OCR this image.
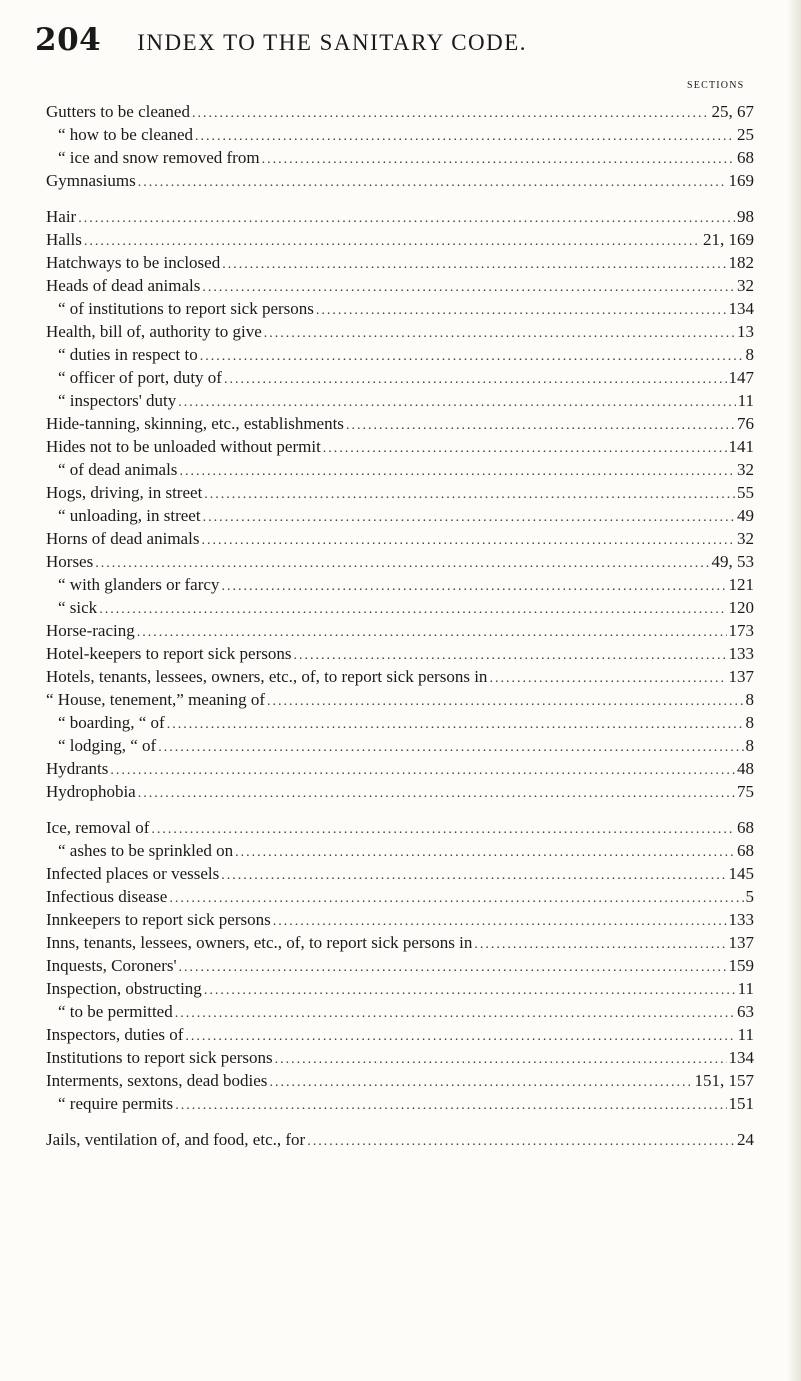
204 INDEX TO THE SANITARY CODE.
SECTIONS
Gutters to be cleaned .....	25, 67
“ how to be cleaned .....	25
“ ice and snow removed from .....	68
Gymnasiums .....	169
Hair .....	98
Halls .....	21, 169
Hatchways to be inclosed .....	182
Heads of dead animals .....	32
“ of institutions to report sick persons .....	134
Health, bill of, authority to give .....	13
“ duties in respect to .....	8
“ officer of port, duty of .....	147
“ inspectors' duty .....	11
Hide-tanning, skinning, etc., establishments .....	76
Hides not to be unloaded without permit .....	141
“ of dead animals .....	32
Hogs, driving, in street .....	55
“ unloading, in street .....	49
Horns of dead animals .....	32
Horses .....	49, 53
“ with glanders or farcy .....	121
“ sick .....	120
Horse-racing .....	173
Hotel-keepers to report sick persons .....	133
Hotels, tenants, lessees, owners, etc., of, to report sick persons in .....	137
“ House, tenement,” meaning of .....	8
“ boarding, “ of .....	8
“ lodging, “ of .....	8
Hydrants .....	48
Hydrophobia .....	75
Ice, removal of .....	68
“ ashes to be sprinkled on .....	68
Infected places or vessels .....	145
Infectious disease .....	5
Innkeepers to report sick persons .....	133
Inns, tenants, lessees, owners, etc., of, to report sick persons in .....	137
Inquests, Coroners' .....	159
Inspection, obstructing .....	11
“ to be permitted .....	63
Inspectors, duties of .....	11
Institutions to report sick persons .....	134
Interments, sextons, dead bodies .....	151, 157
“ require permits .....	151
Jails, ventilation of, and food, etc., for .....	24
